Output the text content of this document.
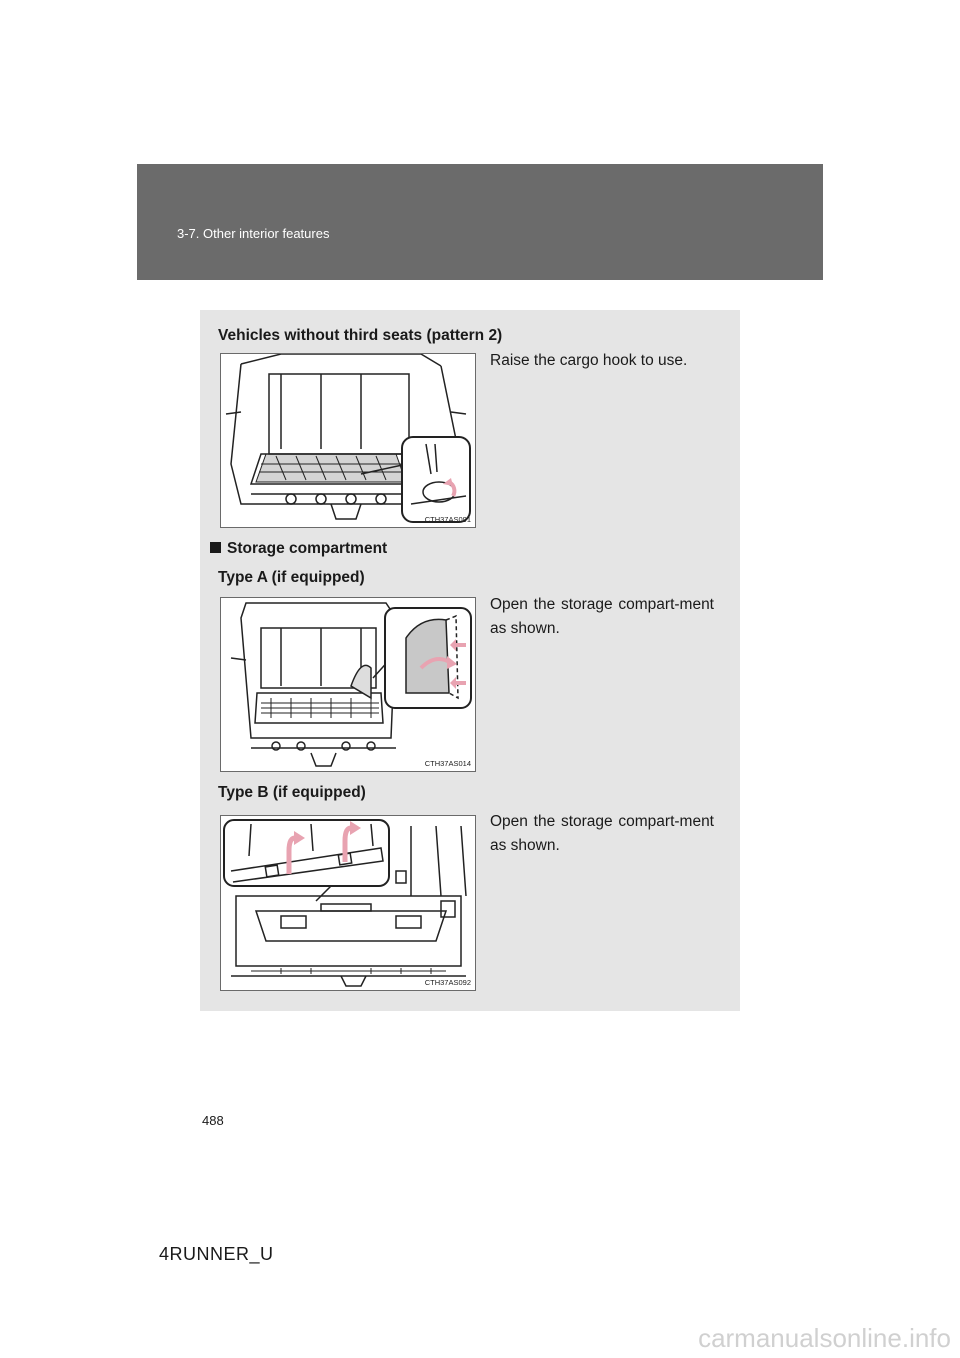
3-7. Other interior features
Vehicles without third seats (pattern 2)
CTH37AS091
Raise the cargo hook to use.
Storage compartment
Type A (if equipped)
CTH37AS014
Open the storage compart-ment as shown.
Type B (if equipped)
CTH37AS092
Open the storage compart-ment as shown.
488
4RUNNER_U
carmanualsonline.info
